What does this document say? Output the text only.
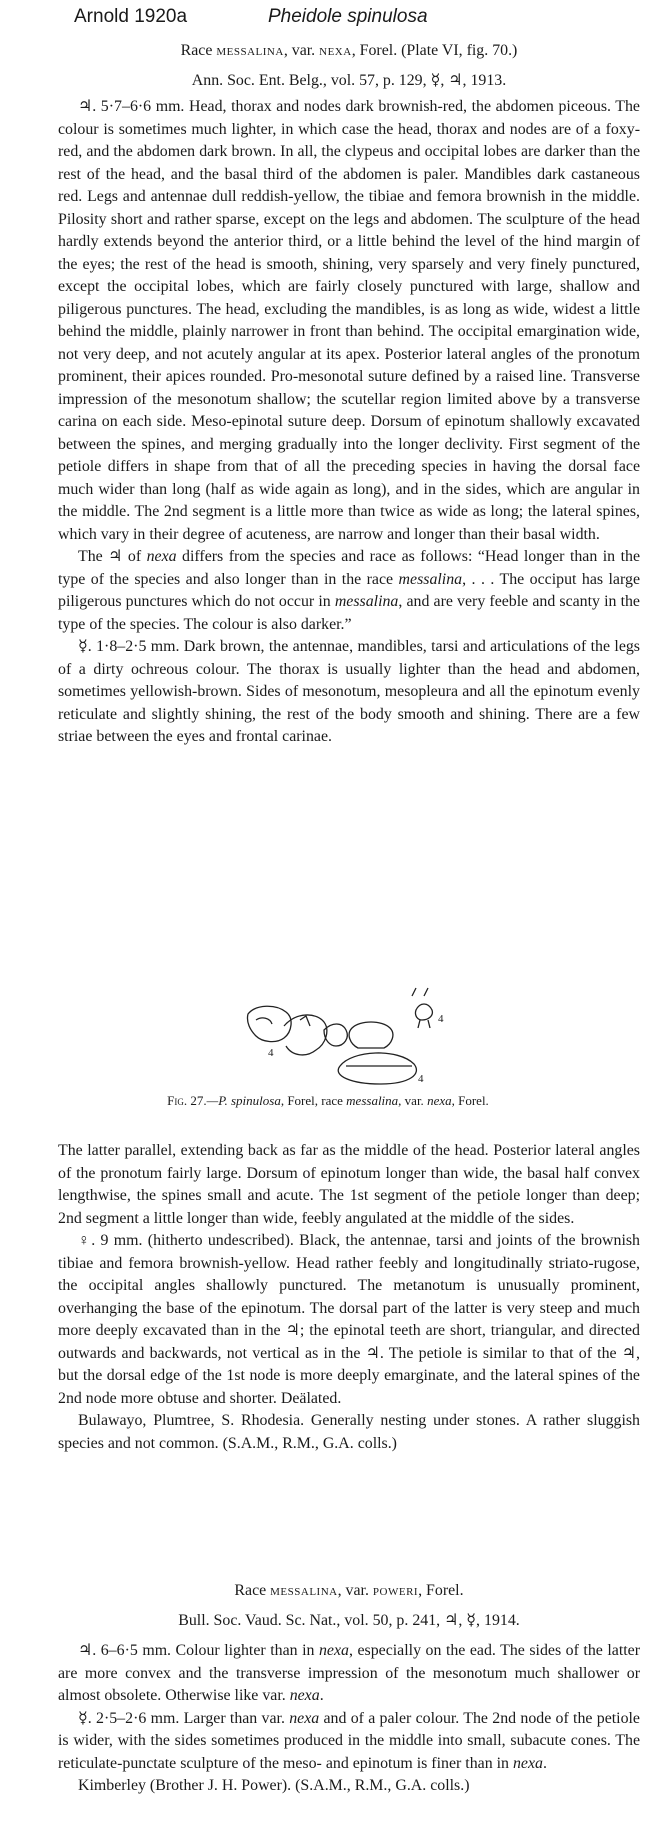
Arnold 1920a	Pheidole spinulosa

Race messalina, var. nexa, Forel. (Plate VI, fig. 70.)

Ann. Soc. Ent. Belg., vol. 57, p. 129, ☿, ♃, 1913.

♃. 5·7–6·6 mm. Head, thorax and nodes dark brownish-red, the abdomen piceous. The colour is sometimes much lighter, in which case the head, thorax and nodes are of a foxy-red, and the abdomen dark brown. In all, the clypeus and occipital lobes are darker than the rest of the head, and the basal third of the abdomen is paler. Mandibles dark castaneous red. Legs and antennae dull reddish-yellow, the tibiae and femora brownish in the middle. Pilosity short and rather sparse, except on the legs and abdomen. The sculpture of the head hardly extends beyond the anterior third, or a little behind the level of the hind margin of the eyes; the rest of the head is smooth, shining, very sparsely and very finely punctured, except the occipital lobes, which are fairly closely punctured with large, shallow and piligerous punctures. The head, excluding the mandibles, is as long as wide, widest a little behind the middle, plainly narrower in front than behind. The occipital emargination wide, not very deep, and not acutely angular at its apex. Posterior lateral angles of the pronotum prominent, their apices rounded. Pro-mesonotal suture defined by a raised line. Transverse impression of the mesonotum shallow; the scutellar region limited above by a transverse carina on each side. Meso-epinotal suture deep. Dorsum of epinotum shallowly excavated between the spines, and merging gradually into the longer declivity. First segment of the petiole differs in shape from that of all the preceding species in having the dorsal face much wider than long (half as wide again as long), and in the sides, which are angular in the middle. The 2nd segment is a little more than twice as wide as long; the lateral spines, which vary in their degree of acuteness, are narrow and longer than their basal width.

The ♃ of nexa differs from the species and race as follows: “Head longer than in the type of the species and also longer than in the race messalina, . . . The occiput has large piligerous punctures which do not occur in messalina, and are very feeble and scanty in the type of the species. The colour is also darker.”

☿. 1·8–2·5 mm. Dark brown, the antennae, mandibles, tarsi and articulations of the legs of a dirty ochreous colour. The thorax is usually lighter than the head and abdomen, sometimes yellowish-brown. Sides of mesonotum, mesopleura and all the epinotum evenly reticulate and slightly shining, the rest of the body smooth and shining. There are a few striae between the eyes and frontal carinae.

4
4
4
Fig. 27.—P. spinulosa, Forel, race messalina, var. nexa, Forel.

The latter parallel, extending back as far as the middle of the head. Posterior lateral angles of the pronotum fairly large. Dorsum of epinotum longer than wide, the basal half convex lengthwise, the spines small and acute. The 1st segment of the petiole longer than deep; 2nd segment a little longer than wide, feebly angulated at the middle of the sides.

♀. 9 mm. (hitherto undescribed). Black, the antennae, tarsi and joints of the brownish tibiae and femora brownish-yellow. Head rather feebly and longitudinally striato-rugose, the occipital angles shallowly punctured. The metanotum is unusually prominent, overhanging the base of the epinotum. The dorsal part of the latter is very steep and much more deeply excavated than in the ♃; the epinotal teeth are short, triangular, and directed outwards and backwards, not vertical as in the ♃. The petiole is similar to that of the ♃, but the dorsal edge of the 1st node is more deeply emarginate, and the lateral spines of the 2nd node more obtuse and shorter. Deälated.

Bulawayo, Plumtree, S. Rhodesia. Generally nesting under stones. A rather sluggish species and not common. (S.A.M., R.M., G.A. colls.)

Race messalina, var. poweri, Forel.

Bull. Soc. Vaud. Sc. Nat., vol. 50, p. 241, ♃, ☿, 1914.

♃. 6–6·5 mm. Colour lighter than in nexa, especially on the ead. The sides of the latter are more convex and the transverse impression of the mesonotum much shallower or almost obsolete. Otherwise like var. nexa.

☿. 2·5–2·6 mm. Larger than var. nexa and of a paler colour. The 2nd node of the petiole is wider, with the sides sometimes produced in the middle into small, subacute cones. The reticulate-punctate sculpture of the meso- and epinotum is finer than in nexa.

Kimberley (Brother J. H. Power). (S.A.M., R.M., G.A. colls.)
